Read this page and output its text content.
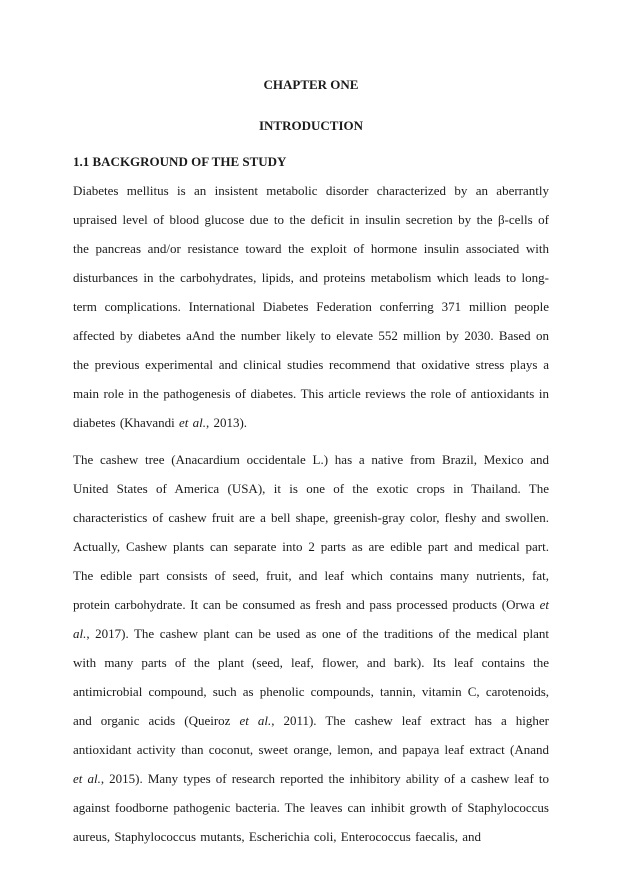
CHAPTER ONE
INTRODUCTION
1.1 BACKGROUND OF THE STUDY

Diabetes mellitus is an insistent metabolic disorder characterized by an aberrantly upraised level of blood glucose due to the deficit in insulin secretion by the β-cells of the pancreas and/or resistance toward the exploit of hormone insulin associated with disturbances in the carbohydrates, lipids, and proteins metabolism which leads to long-term complications. International Diabetes Federation conferring 371 million people affected by diabetes aAnd the number likely to elevate 552 million by 2030. Based on the previous experimental and clinical studies recommend that oxidative stress plays a main role in the pathogenesis of diabetes. This article reviews the role of antioxidants in diabetes (Khavandi et al., 2013).

The cashew tree (Anacardium occidentale L.) has a native from Brazil, Mexico and United States of America (USA), it is one of the exotic crops in Thailand. The characteristics of cashew fruit are a bell shape, greenish-gray color, fleshy and swollen. Actually, Cashew plants can separate into 2 parts as are edible part and medical part. The edible part consists of seed, fruit, and leaf which contains many nutrients, fat, protein carbohydrate. It can be consumed as fresh and pass processed products (Orwa et al., 2017). The cashew plant can be used as one of the traditions of the medical plant with many parts of the plant (seed, leaf, flower, and bark). Its leaf contains the antimicrobial compound, such as phenolic compounds, tannin, vitamin C, carotenoids, and organic acids (Queiroz et al., 2011). The cashew leaf extract has a higher antioxidant activity than coconut, sweet orange, lemon, and papaya leaf extract (Anand et al., 2015). Many types of research reported the inhibitory ability of a cashew leaf to against foodborne pathogenic bacteria. The leaves can inhibit growth of Staphylococcus aureus, Staphylococcus mutants, Escherichia coli, Enterococcus faecalis, and
